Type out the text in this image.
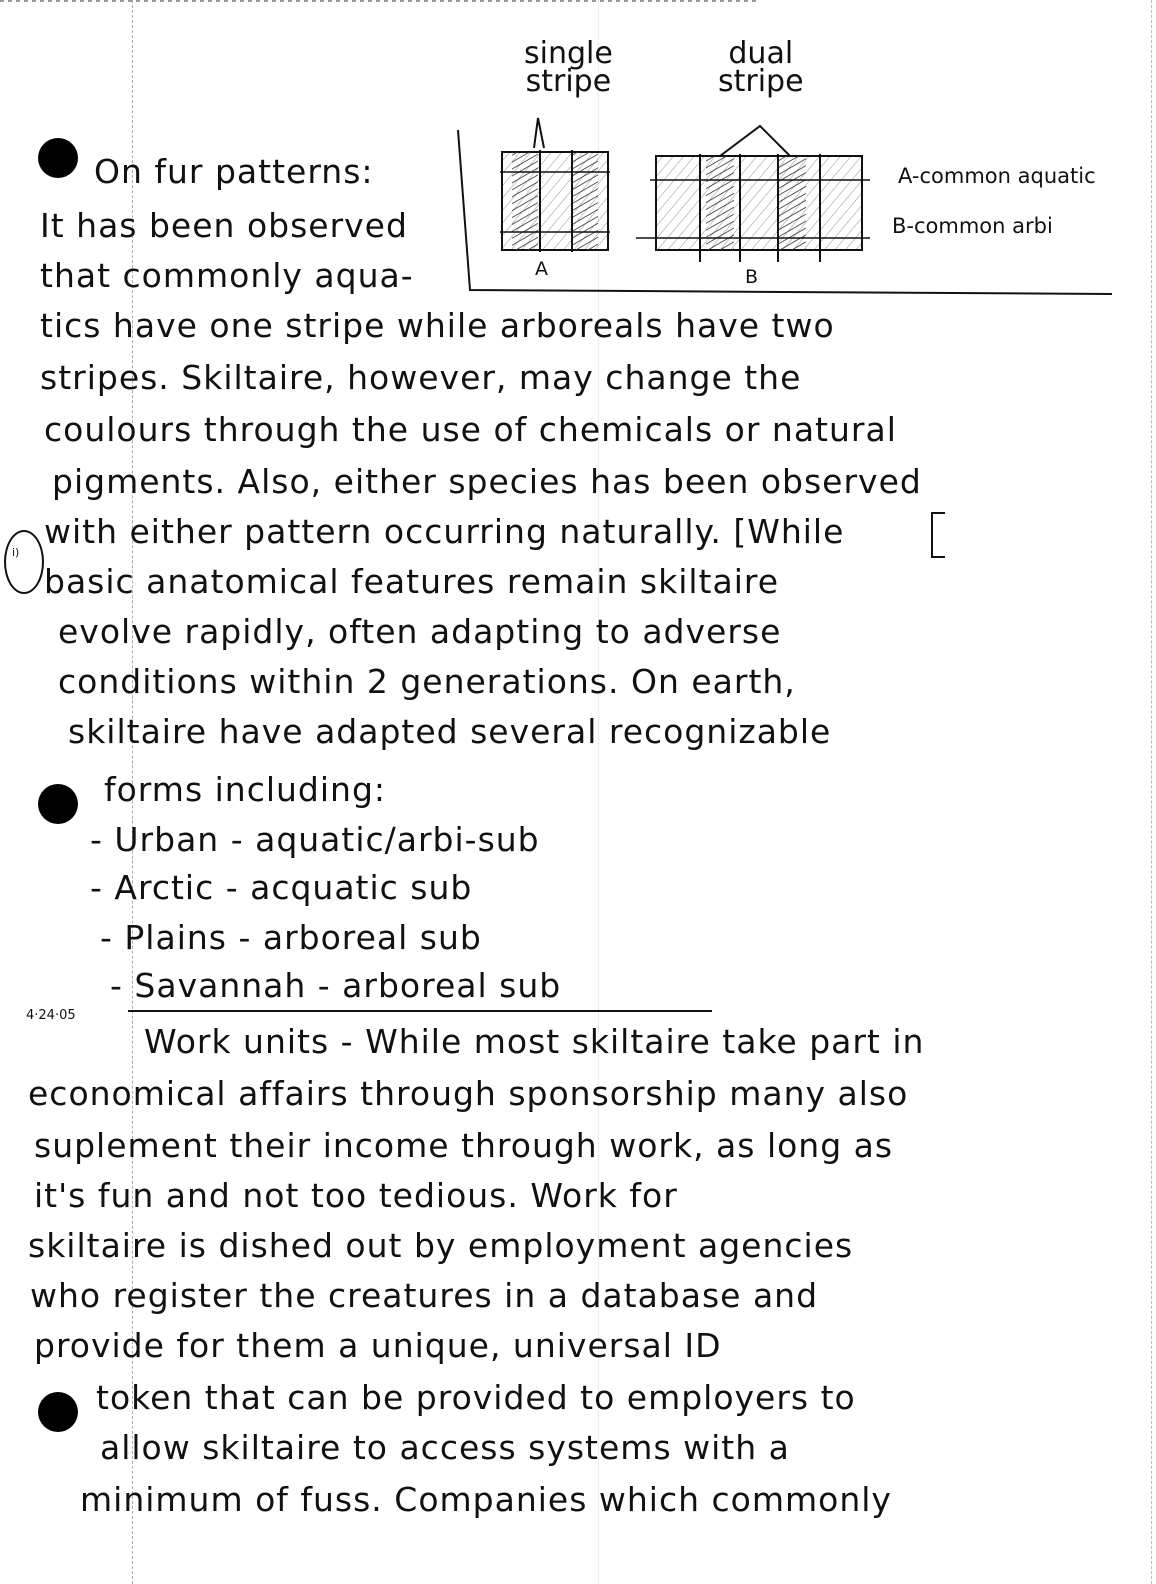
single
stripe
dual
stripe
A	B
A-common aquatic
B-common arbi
i)
4·24·05
On fur patterns:
It has been observed
that commonly aqua-
tics have one stripe while arboreals have two
stripes. Skiltaire, however, may change the
coulours through the use of chemicals or natural
pigments. Also, either species has been observed
with either pattern occurring naturally. [While
basic anatomical features remain skiltaire
evolve rapidly, often adapting to adverse
conditions within 2 generations. On earth,
skiltaire have adapted several recognizable
forms including:
- Urban - aquatic/arbi-sub
- Arctic - acquatic sub
- Plains - arboreal sub
- Savannah - arboreal sub
Work units - While most skiltaire take part in
economical affairs through sponsorship many also
suplement their income through work, as long as
it's fun and not too tedious. Work for
skiltaire is dished out by employment agencies
who register the creatures in a database and
provide for them a unique, universal ID
token that can be provided to employers to
allow skiltaire to access systems with a
minimum of fuss. Companies which commonly
